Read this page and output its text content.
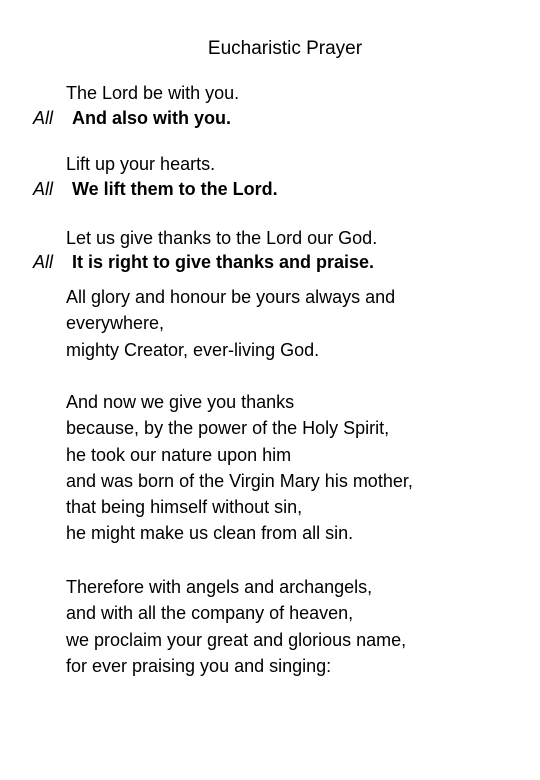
Eucharistic Prayer
The Lord be with you.
All And also with you.
Lift up your hearts.
All We lift them to the Lord.
Let us give thanks to the Lord our God.
All It is right to give thanks and praise.
All glory and honour be yours always and
everywhere,
mighty Creator, ever-living God.
And now we give you thanks
because, by the power of the Holy Spirit,
he took our nature upon him
and was born of the Virgin Mary his mother,
that being himself without sin,
he might make us clean from all sin.
Therefore with angels and archangels,
and with all the company of heaven,
we proclaim your great and glorious name,
for ever praising you and singing:
